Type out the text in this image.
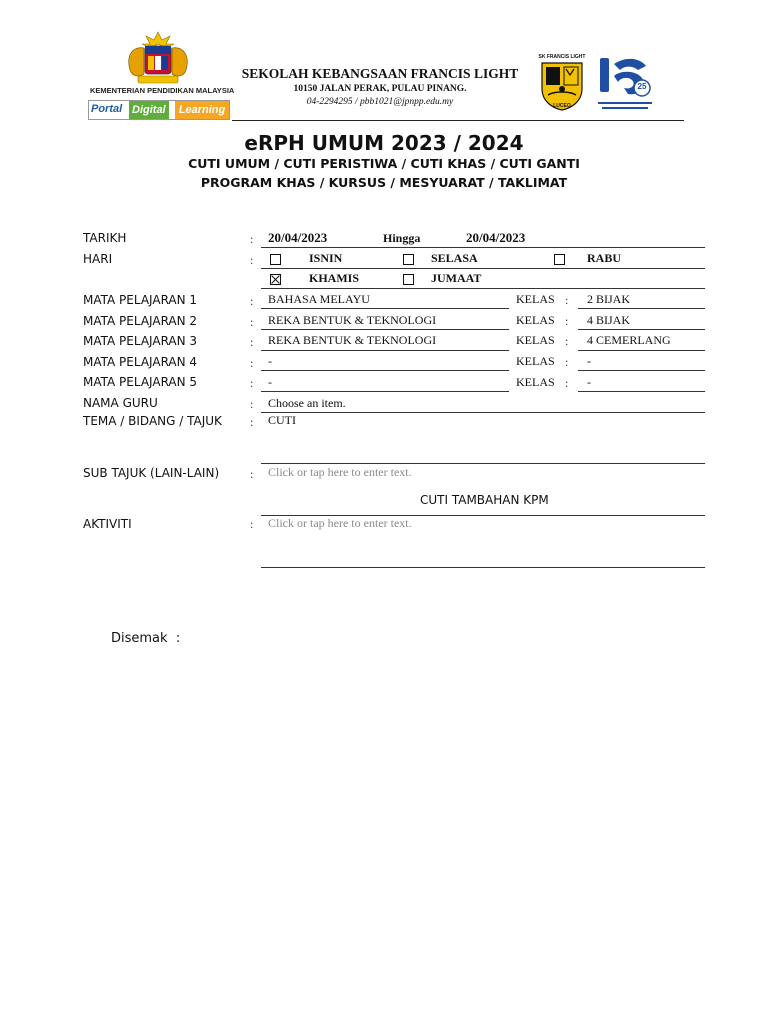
KEMENTERIAN PENDIDIKAN MALAYSIA
Portal Digital	Learning
SEKOLAH KEBANGSAAN FRANCIS LIGHT
10150 JALAN PERAK, PULAU PINANG.
04-2294295 / pbb1021@jpnpp.edu.my
SK FRANCIS LIGHT
LUCEO
25
eRPH UMUM 2023 / 2024
CUTI UMUM / CUTI PERISTIWA / CUTI KHAS / CUTI GANTI
PROGRAM KHAS / KURSUS / MESYUARAT / TAKLIMAT
TARIKH	: 20/04/2023	Hingga	20/04/2023
HARI	:	ISNIN	SELASA	RABU
KHAMIS	JUMAAT
MATA PELAJARAN 1	: BAHASA MELAYU	KELAS : 2 BIJAK
MATA PELAJARAN 2	: REKA BENTUK & TEKNOLOGI	KELAS : 4 BIJAK
MATA PELAJARAN 3	: REKA BENTUK & TEKNOLOGI	KELAS : 4 CEMERLANG
MATA PELAJARAN 4	: -	KELAS : -
MATA PELAJARAN 5	: -	KELAS : -
NAMA GURU	: Choose an item.
TEMA / BIDANG / TAJUK : CUTI
SUB TAJUK (LAIN-LAIN)	: Click or tap here to enter text.
CUTI TAMBAHAN KPM
AKTIVITI	: Click or tap here to enter text.
Disemak  :
